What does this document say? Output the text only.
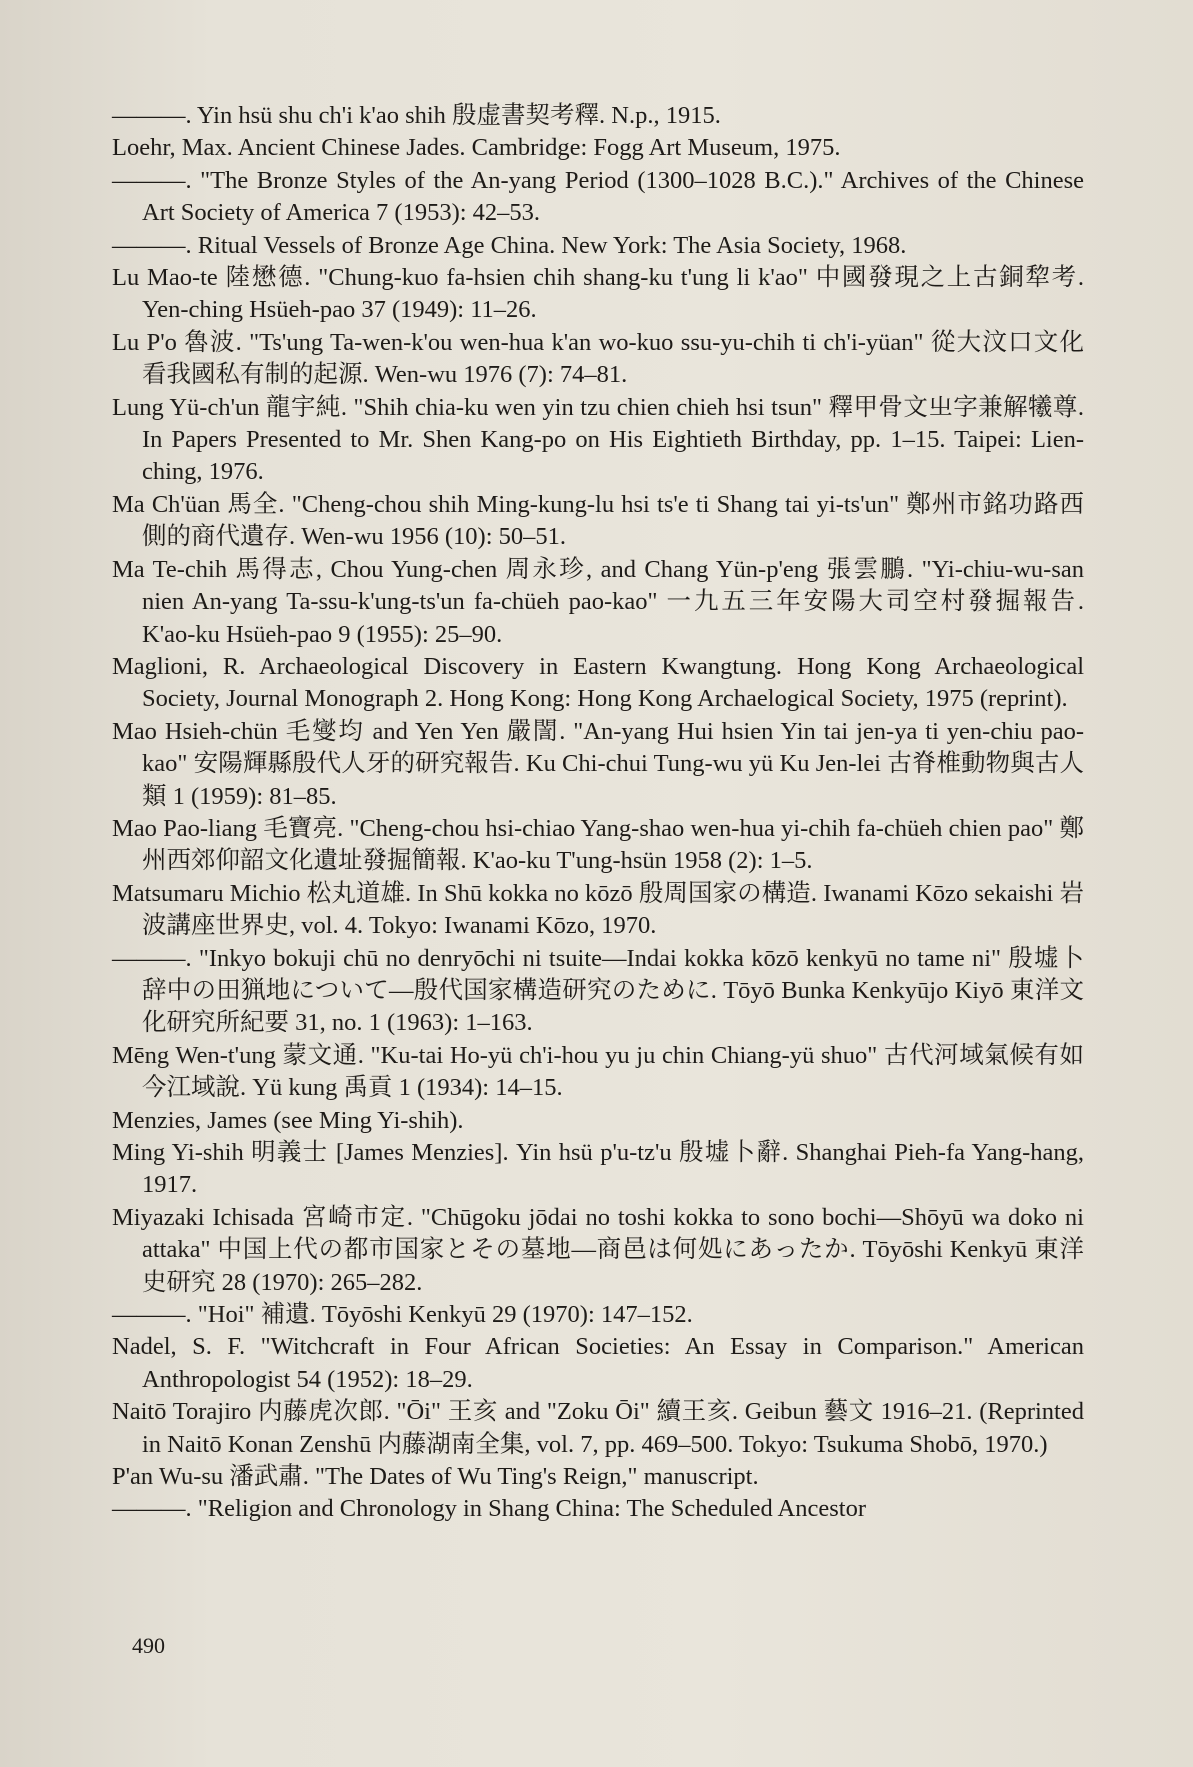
———. Yin hsü shu ch'i k'ao shih 殷虚書契考釋. N.p., 1915.

Loehr, Max. Ancient Chinese Jades. Cambridge: Fogg Art Museum, 1975.

———. "The Bronze Styles of the An-yang Period (1300–1028 B.C.)." Archives of the Chinese Art Society of America 7 (1953): 42–53.

———. Ritual Vessels of Bronze Age China. New York: The Asia Society, 1968.

Lu Mao-te 陸懋德. "Chung-kuo fa-hsien chih shang-ku t'ung li k'ao" 中國發現之上古銅犂考. Yen-ching Hsüeh-pao 37 (1949): 11–26.

Lu P'o 魯波. "Ts'ung Ta-wen-k'ou wen-hua k'an wo-kuo ssu-yu-chih ti ch'i-yüan" 從大汶口文化看我國私有制的起源. Wen-wu 1976 (7): 74–81.

Lung Yü-ch'un 龍宇純. "Shih chia-ku wen yin tzu chien chieh hsi tsun" 釋甲骨文㞢字兼解犧尊. In Papers Presented to Mr. Shen Kang-po on His Eightieth Birthday, pp. 1–15. Taipei: Lien-ching, 1976.

Ma Ch'üan 馬全. "Cheng-chou shih Ming-kung-lu hsi ts'e ti Shang tai yi-ts'un" 鄭州市銘功路西側的商代遺存. Wen-wu 1956 (10): 50–51.

Ma Te-chih 馬得志, Chou Yung-chen 周永珍, and Chang Yün-p'eng 張雲鵬. "Yi-chiu-wu-san nien An-yang Ta-ssu-k'ung-ts'un fa-chüeh pao-kao" 一九五三年安陽大司空村發掘報告. K'ao-ku Hsüeh-pao 9 (1955): 25–90.

Maglioni, R. Archaeological Discovery in Eastern Kwangtung. Hong Kong Archaeological Society, Journal Monograph 2. Hong Kong: Hong Kong Archaelogical Society, 1975 (reprint).

Mao Hsieh-chün 毛燮均 and Yen Yen 嚴誾. "An-yang Hui hsien Yin tai jen-ya ti yen-chiu pao-kao" 安陽輝縣殷代人牙的研究報告. Ku Chi-chui Tung-wu yü Ku Jen-lei 古脊椎動物與古人類 1 (1959): 81–85.

Mao Pao-liang 毛寶亮. "Cheng-chou hsi-chiao Yang-shao wen-hua yi-chih fa-chüeh chien pao" 鄭州西郊仰韶文化遺址發掘簡報. K'ao-ku T'ung-hsün 1958 (2): 1–5.

Matsumaru Michio 松丸道雄. In Shū kokka no kōzō 殷周国家の構造. Iwanami Kōzo sekaishi 岩波講座世界史, vol. 4. Tokyo: Iwanami Kōzo, 1970.

———. "Inkyo bokuji chū no denryōchi ni tsuite—Indai kokka kōzō kenkyū no tame ni" 殷墟卜辞中の田猟地について—殷代国家構造研究のために. Tōyō Bunka Kenkyūjo Kiyō 東洋文化研究所紀要 31, no. 1 (1963): 1–163.

Mēng Wen-t'ung 蒙文通. "Ku-tai Ho-yü ch'i-hou yu ju chin Chiang-yü shuo" 古代河域氣候有如今江域說. Yü kung 禹貢 1 (1934): 14–15.

Menzies, James (see Ming Yi-shih).

Ming Yi-shih 明義士 [James Menzies]. Yin hsü p'u-tz'u 殷墟卜辭. Shanghai Pieh-fa Yang-hang, 1917.

Miyazaki Ichisada 宮崎市定. "Chūgoku jōdai no toshi kokka to sono bochi—Shōyū wa doko ni attaka" 中国上代の都市国家とその墓地—商邑は何処にあったか. Tōyōshi Kenkyū 東洋史研究 28 (1970): 265–282.

———. "Hoi" 補遺. Tōyōshi Kenkyū 29 (1970): 147–152.

Nadel, S. F. "Witchcraft in Four African Societies: An Essay in Comparison." American Anthropologist 54 (1952): 18–29.

Naitō Torajiro 内藤虎次郎. "Ōi" 王亥 and "Zoku Ōi" 續王亥. Geibun 藝文 1916–21. (Reprinted in Naitō Konan Zenshū 内藤湖南全集, vol. 7, pp. 469–500. Tokyo: Tsukuma Shobō, 1970.)

P'an Wu-su 潘武肅. "The Dates of Wu Ting's Reign," manuscript.

———. "Religion and Chronology in Shang China: The Scheduled Ancestor

490
